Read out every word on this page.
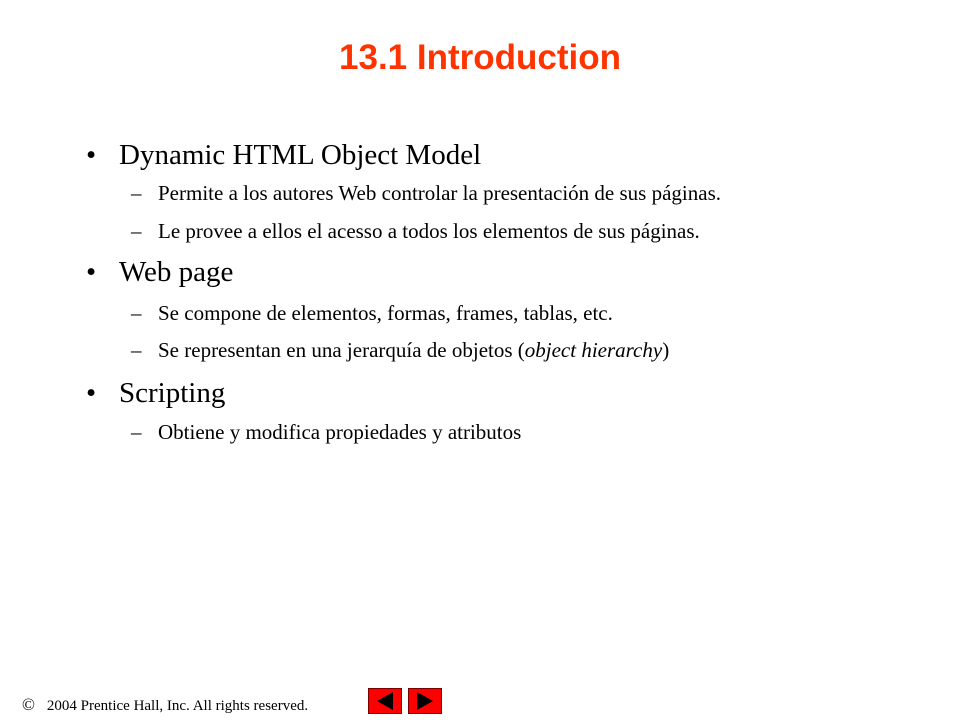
13.1 Introduction
• Dynamic HTML Object Model
– Permite a los autores Web controlar la presentación de sus páginas.
– Le provee a ellos el acesso a todos los elementos de sus páginas.
• Web page
– Se compone de elementos, formas, frames, tablas, etc.
– Se representan en una jerarquía de objetos (object hierarchy)
• Scripting
– Obtiene y modifica propiedades y atributos
© 2004 Prentice Hall, Inc. All rights reserved.
